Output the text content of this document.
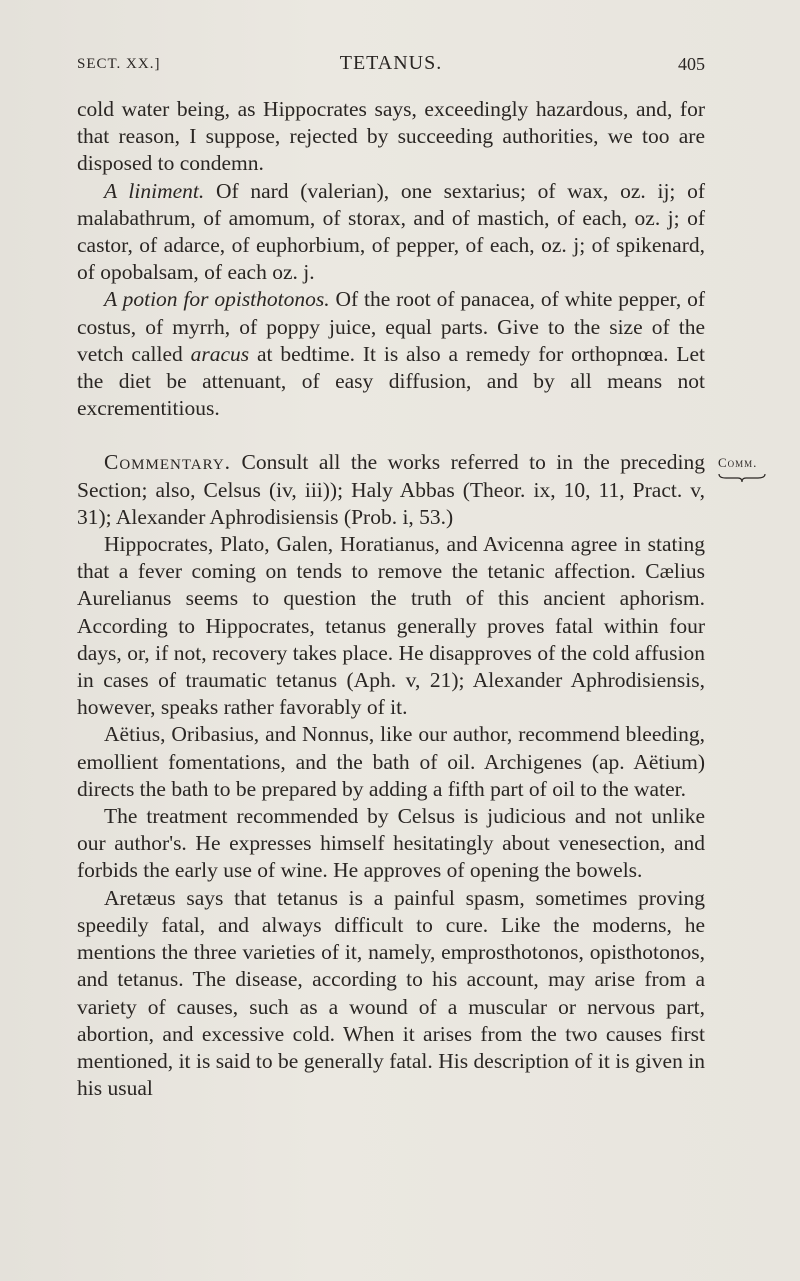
SECT. XX.]	TETANUS.	405

cold water being, as Hippocrates says, exceedingly hazardous, and, for that reason, I suppose, rejected by succeeding authorities, we too are disposed to condemn.

A liniment. Of nard (valerian), one sextarius; of wax, oz. ij; of malabathrum, of amomum, of storax, and of mastich, of each, oz. j; of castor, of adarce, of euphorbium, of pepper, of each, oz. j; of spikenard, of opobalsam, of each oz. j.

A potion for opisthotonos. Of the root of panacea, of white pepper, of costus, of myrrh, of poppy juice, equal parts. Give to the size of the vetch called aracus at bedtime. It is also a remedy for orthopnœa. Let the diet be attenuant, of easy diffusion, and by all means not excrementitious.

Commentary. Consult all the works referred to in the preceding Section; also, Celsus (iv, iii)); Haly Abbas (Theor. ix, 10, 11, Pract. v, 31); Alexander Aphrodisiensis (Prob. i, 53.)

Hippocrates, Plato, Galen, Horatianus, and Avicenna agree in stating that a fever coming on tends to remove the tetanic affection. Cælius Aurelianus seems to question the truth of this ancient aphorism. According to Hippocrates, tetanus generally proves fatal within four days, or, if not, recovery takes place. He disapproves of the cold affusion in cases of traumatic tetanus (Aph. v, 21); Alexander Aphrodisiensis, however, speaks rather favorably of it.

Aëtius, Oribasius, and Nonnus, like our author, recommend bleeding, emollient fomentations, and the bath of oil. Archigenes (ap. Aëtium) directs the bath to be prepared by adding a fifth part of oil to the water.

The treatment recommended by Celsus is judicious and not unlike our author's. He expresses himself hesitatingly about venesection, and forbids the early use of wine. He approves of opening the bowels.

Aretæus says that tetanus is a painful spasm, sometimes proving speedily fatal, and always difficult to cure. Like the moderns, he mentions the three varieties of it, namely, emprosthotonos, opisthotonos, and tetanus. The disease, according to his account, may arise from a variety of causes, such as a wound of a muscular or nervous part, abortion, and excessive cold. When it arises from the two causes first mentioned, it is said to be generally fatal. His description of it is given in his usual

Comm.
